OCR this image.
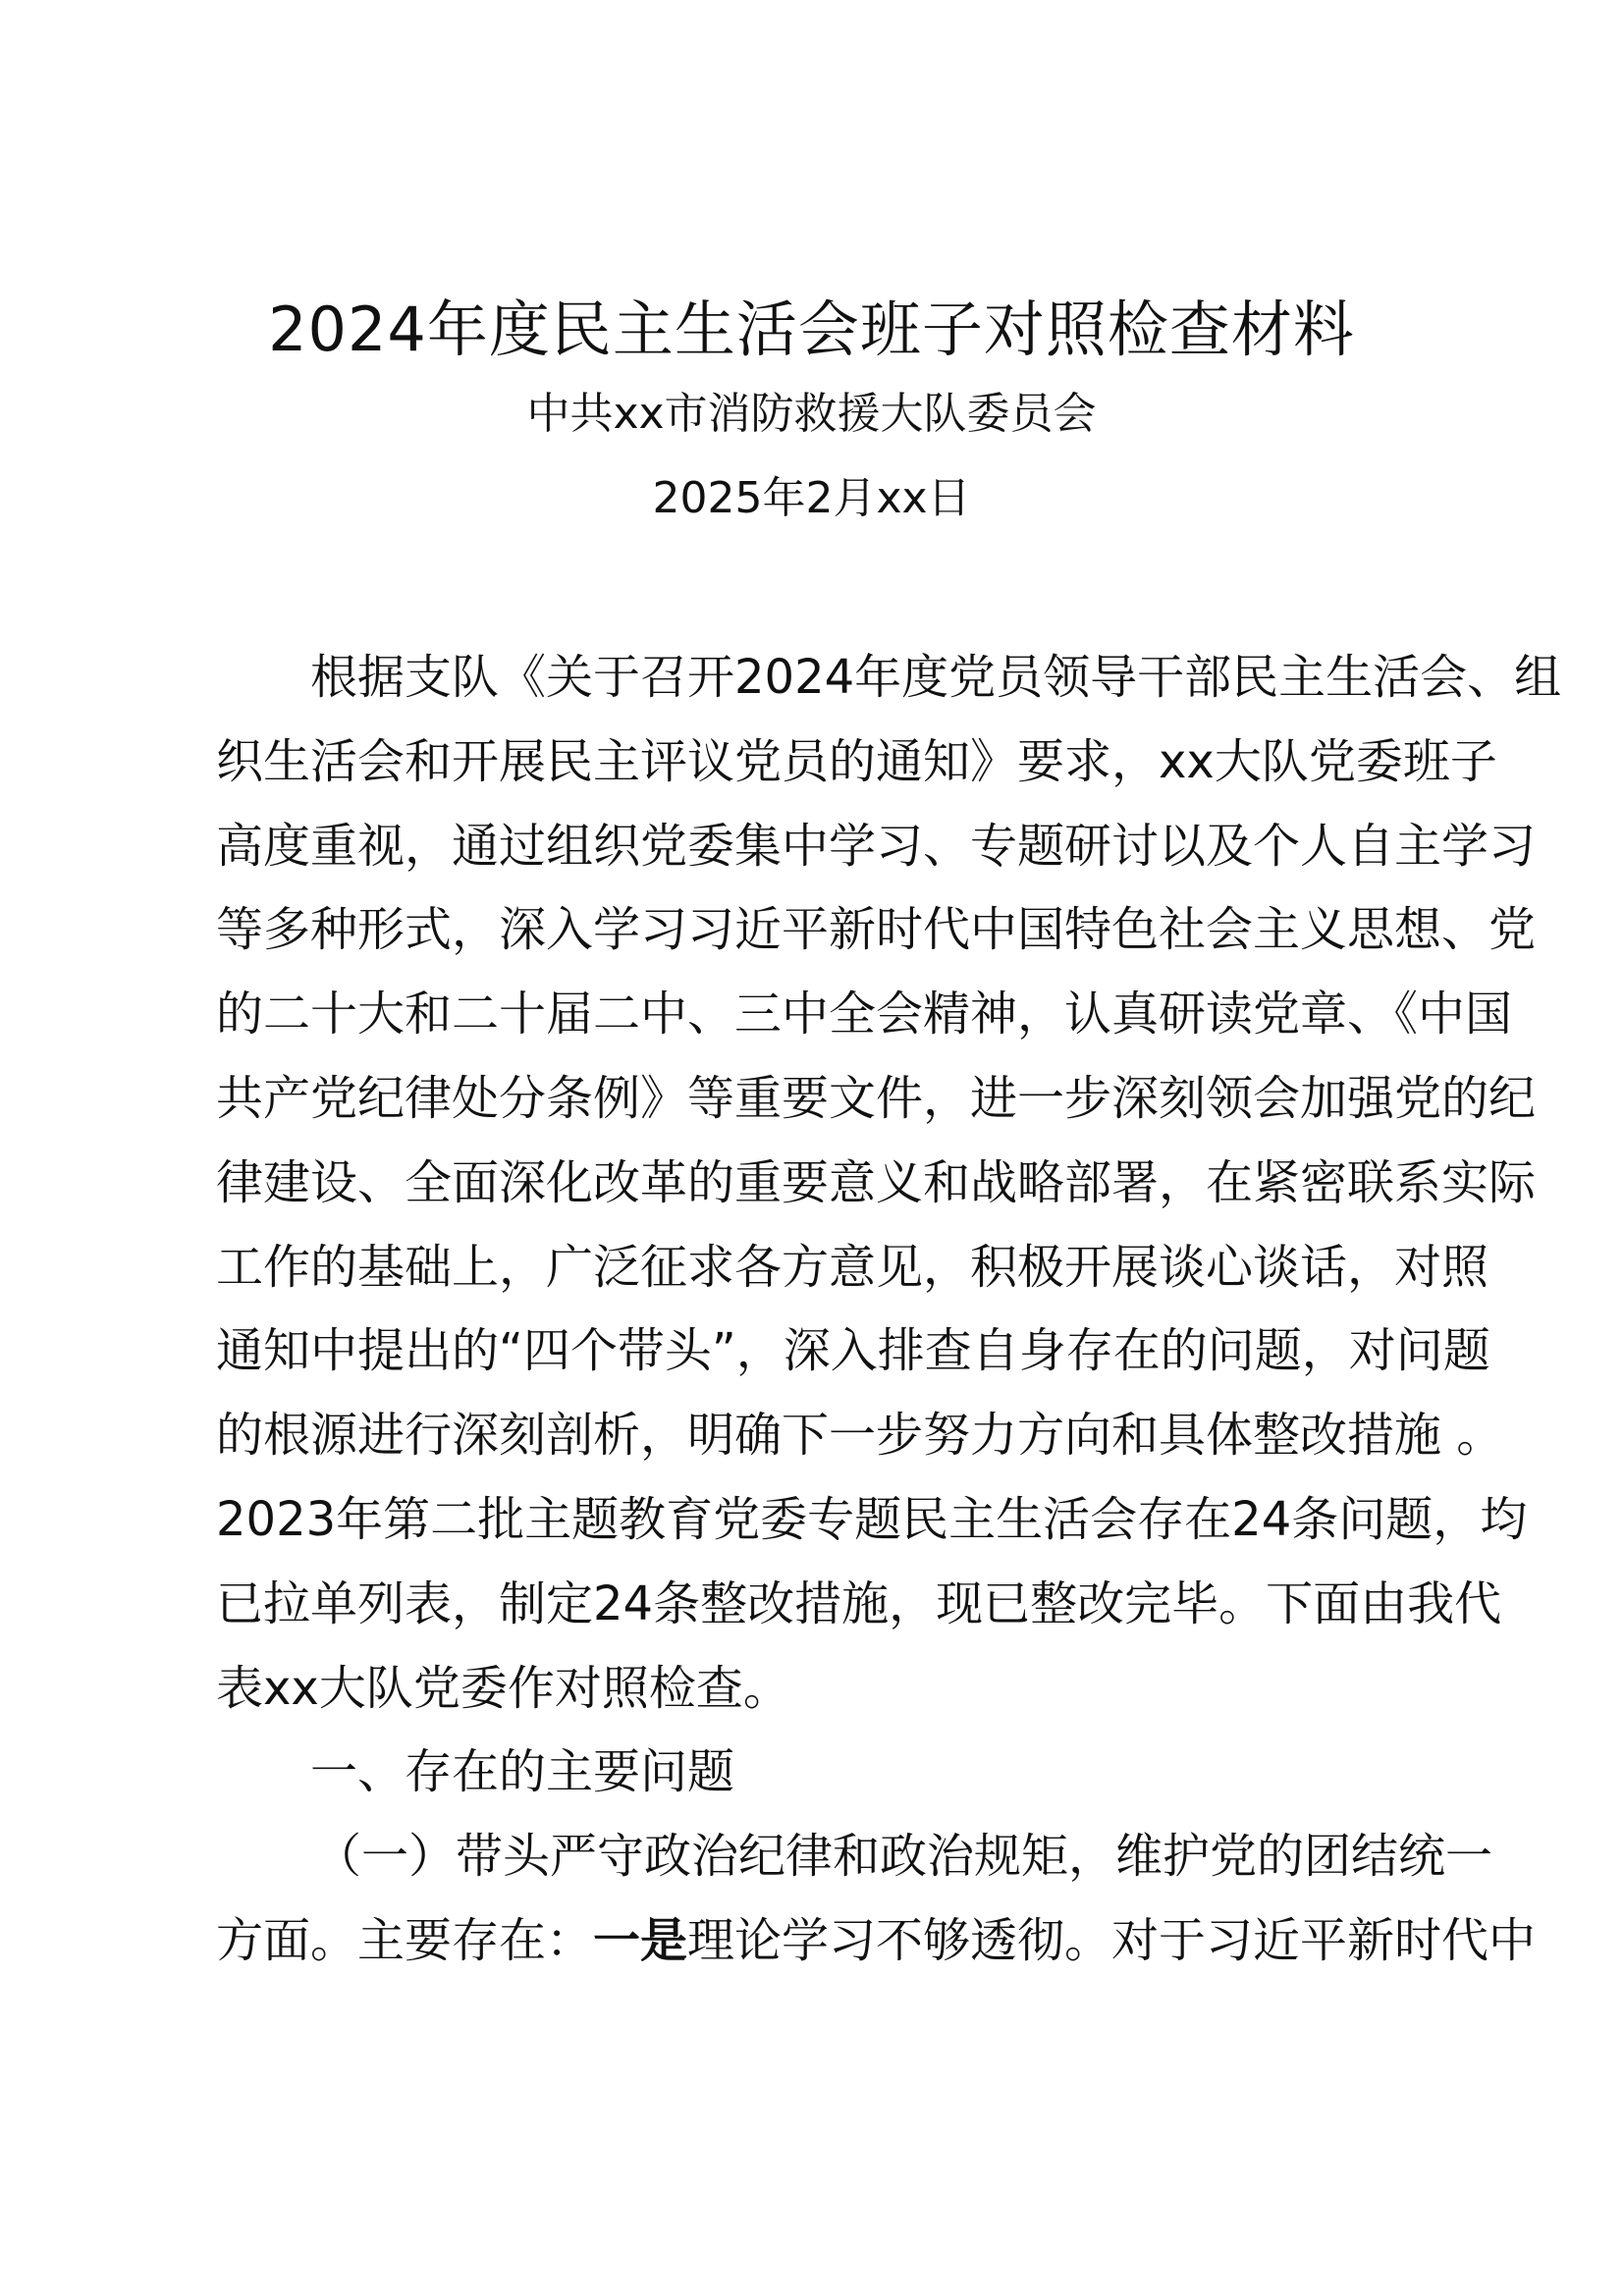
2024年度民主生活会班子对照检查材料
中共xx市消防救援大队委员会
2025年2月xx日
根据支队《关于召开2024年度党员领导干部民主生活会、组
织生活会和开展民主评议党员的通知》要求，xx大队党委班子
高度重视，通过组织党委集中学习、专题研讨以及个人自主学习
等多种形式，深入学习习近平新时代中国特色社会主义思想、党
的二十大和二十届二中、三中全会精神，认真研读党章、《中国
共产党纪律处分条例》等重要文件，进一步深刻领会加强党的纪
律建设、全面深化改革的重要意义和战略部署，在紧密联系实际
工作的基础上，广泛征求各方意见，积极开展谈心谈话，对照
通知中提出的“四个带头”，深入排查自身存在的问题，对问题
的根源进行深刻剖析，明确下一步努力方向和具体整改措施 。
2023年第二批主题教育党委专题民主生活会存在24条问题，均
已拉单列表，制定24条整改措施，现已整改完毕。下面由我代
表xx大队党委作对照检查。
一、存在的主要问题
（一）带头严守政治纪律和政治规矩，维护党的团结统一
方面。主要存在：一是理论学习不够透彻。对于习近平新时代中
